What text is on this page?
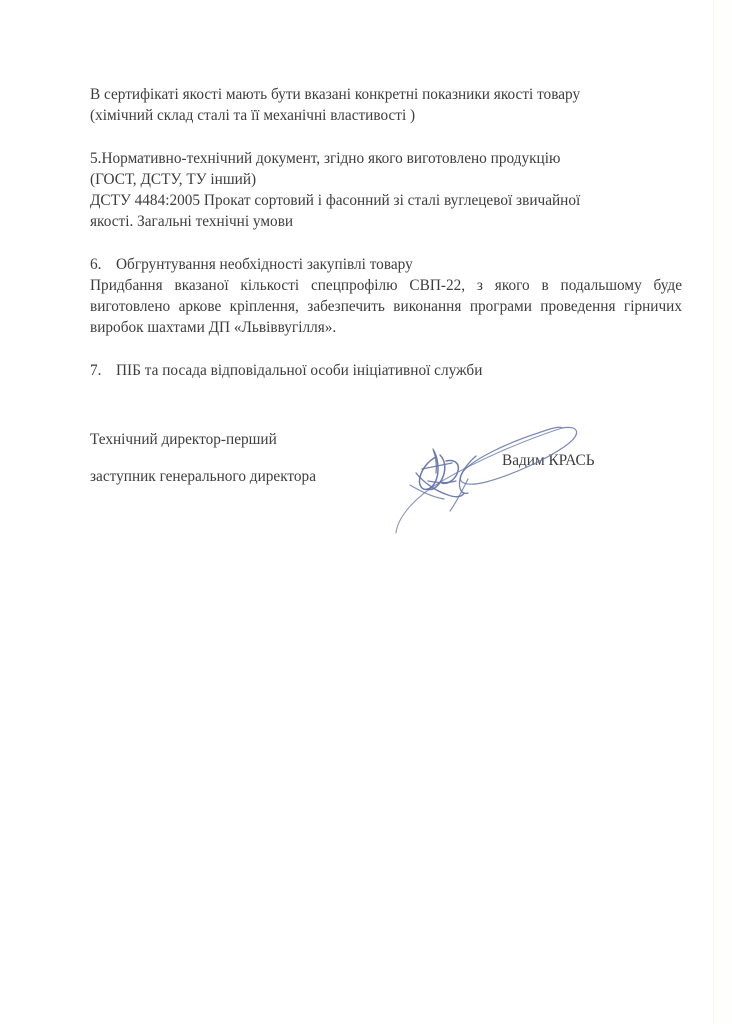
В сертифікаті якості мають бути вказані конкретні показники якості товару

(хімічний склад сталі та її механічні властивості )

5.Нормативно-технічний документ, згідно якого виготовлено продукцію

(ГОСТ, ДСТУ, ТУ інший)

ДСТУ 4484:2005 Прокат сортовий і фасонний зі сталі вуглецевої звичайної

якості. Загальні технічні умови

6. Обгрунтування необхідності закупівлі товару

Придбання вказаної кількості спецпрофілю СВП-22, з якого в подальшому буде виготовлено аркове кріплення, забезпечить виконання програми проведення гірничих виробок шахтами ДП «Львіввугілля».

7. ПІБ та посада відповідальної особи ініціативної служби

Технічний директор-перший

заступник генерального директора

Вадим КРАСЬ
